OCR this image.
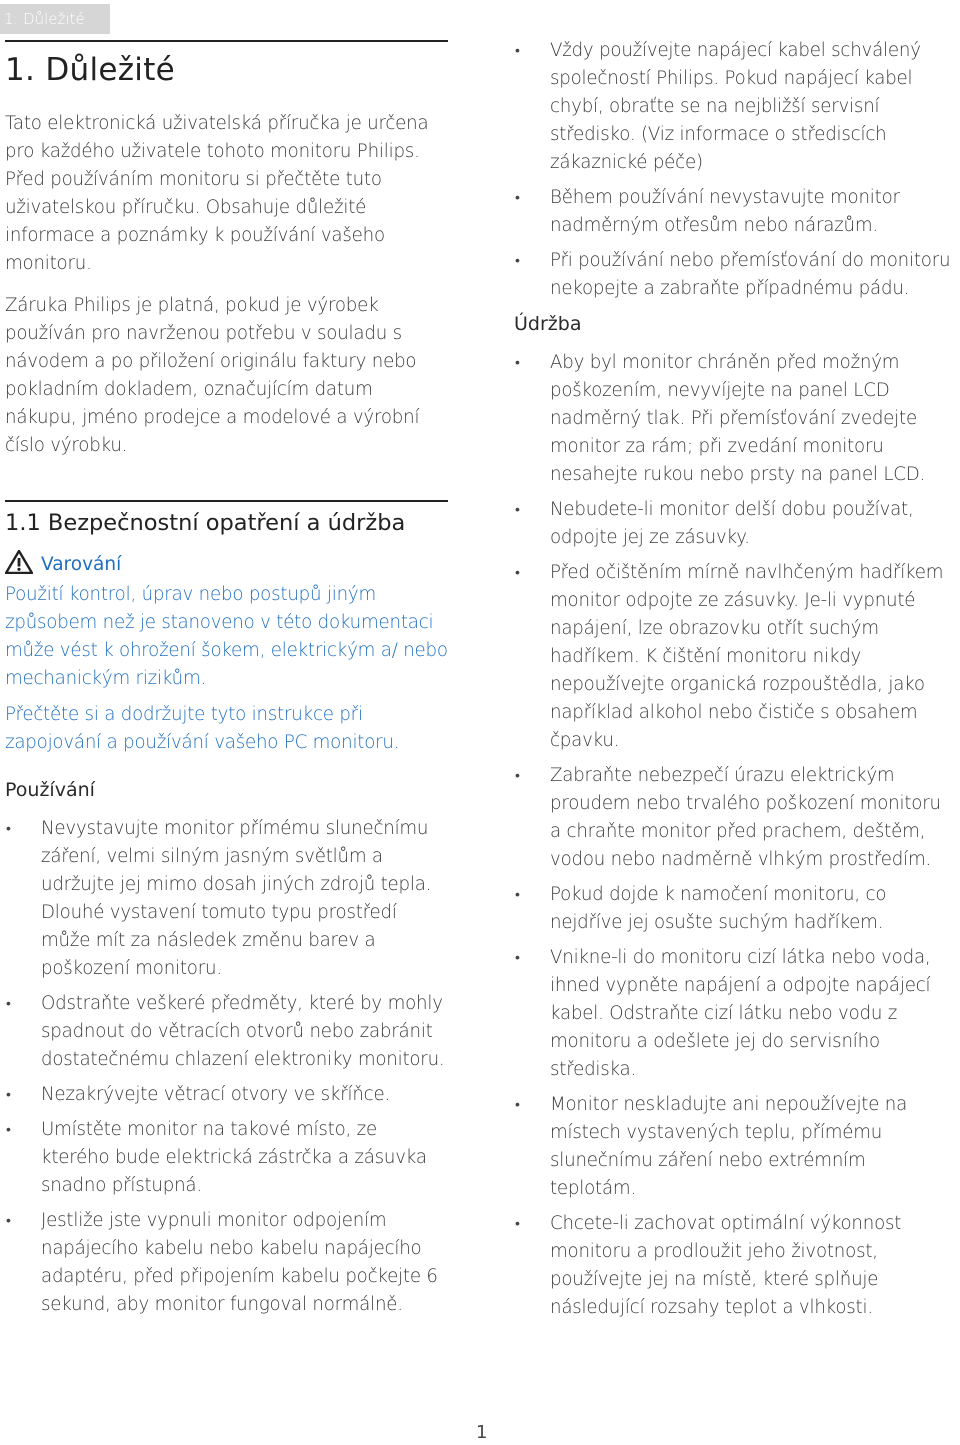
1. Důležité
1. Důležité

Tato elektronická uživatelská příručka je určena pro každého uživatele tohoto monitoru Philips. Před používáním monitoru si přečtěte tuto uživatelskou příručku. Obsahuje důležité informace a poznámky k používání vašeho monitoru.

Záruka Philips je platná, pokud je výrobek používán pro navrženou potřebu v souladu s návodem a po přiložení originálu faktury nebo pokladním dokladem, označujícím datum nákupu, jméno prodejce a modelové a výrobní číslo výrobku.

1.1 Bezpečnostní opatření a údržba
Varování

Použití kontrol, úprav nebo postupů jiným způsobem než je stanoveno v této dokumentaci může vést k ohrožení šokem, elektrickým a/ nebo mechanickým rizikům.

Přečtěte si a dodržujte tyto instrukce při zapojování a používání vašeho PC monitoru.

Používání
• Nevystavujte monitor přímému slunečnímu záření, velmi silným jasným světlům a udržujte jej mimo dosah jiných zdrojů tepla. Dlouhé vystavení tomuto typu prostředí může mít za následek změnu barev a poškození monitoru.
• Odstraňte veškeré předměty, které by mohly spadnout do větracích otvorů nebo zabránit dostatečnému chlazení elektroniky monitoru.
• Nezakrývejte větrací otvory ve skříňce.
• Umístěte monitor na takové místo, ze kterého bude elektrická zástrčka a zásuvka snadno přístupná.
• Jestliže jste vypnuli monitor odpojením napájecího kabelu nebo kabelu napájecího adaptéru, před připojením kabelu počkejte 6 sekund, aby monitor fungoval normálně.
• Vždy používejte napájecí kabel schválený společností Philips. Pokud napájecí kabel chybí, obraťte se na nejbližší servisní středisko. (Viz informace o střediscích zákaznické péče)
• Během používání nevystavujte monitor nadměrným otřesům nebo nárazům.
• Při používání nebo přemísťování do monitoru nekopejte a zabraňte případnému pádu.
Údržba
• Aby byl monitor chráněn před možným poškozením, nevyvíjejte na panel LCD nadměrný tlak. Při přemísťování zvedejte monitor za rám; při zvedání monitoru nesahejte rukou nebo prsty na panel LCD.
• Nebudete-li monitor delší dobu používat, odpojte jej ze zásuvky.
• Před očištěním mírně navlhčeným hadříkem monitor odpojte ze zásuvky. Je-li vypnuté napájení, lze obrazovku otřít suchým hadříkem. K čištění monitoru nikdy nepoužívejte organická rozpouštědla, jako například alkohol nebo čističe s obsahem čpavku.
• Zabraňte nebezpečí úrazu elektrickým proudem nebo trvalého poškození monitoru a chraňte monitor před prachem, deštěm, vodou nebo nadměrně vlhkým prostředím.
• Pokud dojde k namočení monitoru, co nejdříve jej osušte suchým hadříkem.
• Vnikne-li do monitoru cizí látka nebo voda, ihned vypněte napájení a odpojte napájecí kabel. Odstraňte cizí látku nebo vodu z monitoru a odešlete jej do servisního střediska.
• Monitor neskladujte ani nepoužívejte na místech vystavených teplu, přímému slunečnímu záření nebo extrémním teplotám.
• Chcete-li zachovat optimální výkonnost monitoru a prodloužit jeho životnost, používejte jej na místě, které splňuje následující rozsahy teplot a vlhkosti.
1
